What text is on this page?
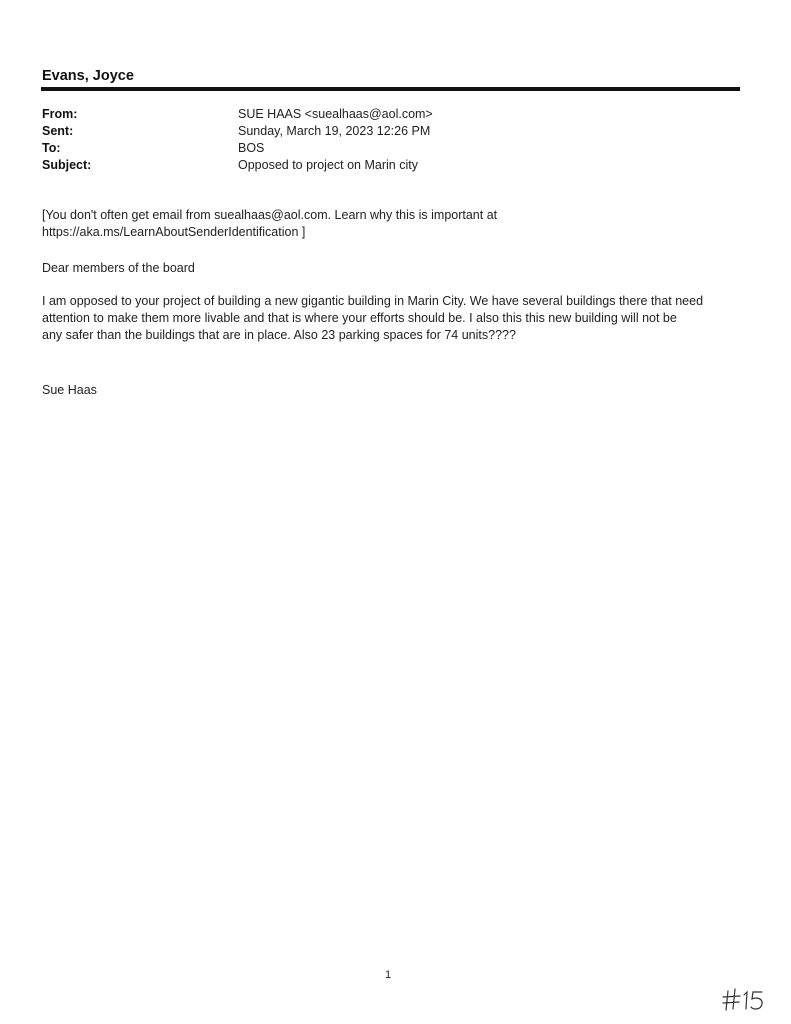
Evans, Joyce
From:	SUE HAAS <suealhaas@aol.com>
Sent:	Sunday, March 19, 2023 12:26 PM
To:	BOS
Subject:	Opposed to project on Marin city
[You don't often get email from suealhaas@aol.com. Learn why this is important at
https://aka.ms/LearnAboutSenderIdentification ]
Dear members of the board
I am opposed to your project of building a new gigantic building in Marin City. We have several buildings there that need
attention to make them more livable and that is where your efforts should be. I also this this new building will not be
any safer than the buildings that are in place. Also 23 parking spaces for 74 units????
Sue Haas
1
